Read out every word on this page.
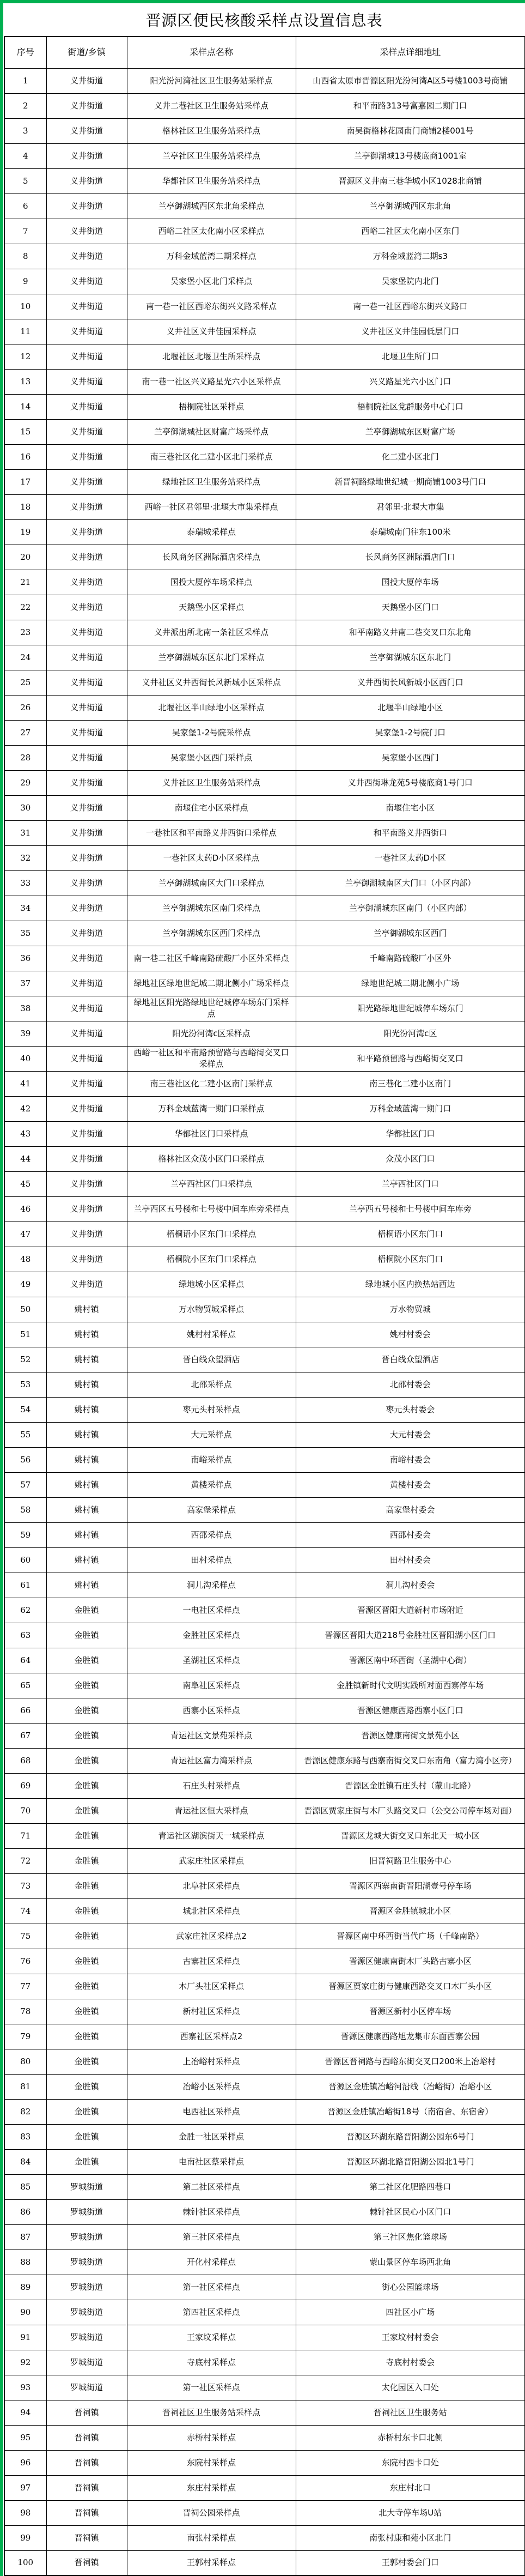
晋源区便民核酸采样点设置信息表
序号	街道/乡镇	采样点名称	采样点详细地址
1	义井街道	阳光汾河湾社区卫生服务站采样点	山西省太原市晋源区阳光汾河湾A区5号楼1003号商铺
2	义井街道	义井二巷社区卫生服务站采样点	和平南路313号富嘉园二期门口
3	义井街道	格林社区卫生服务站采样点	南吴街格林花园南门商铺2楼001号
4	义井街道	兰亭社区卫生服务站采样点	兰亭御湖城13号楼底商1001室
5	义井街道	华都社区卫生服务站采样点	晋源区义井南三巷华城小区1028北商铺
6	义井街道	兰亭御湖城西区东北角采样点	兰亭御湖城西区东北角
7	义井街道	西峪二社区太化南小区采样点	西峪二社区太化南小区东门
8	义井街道	万科金域蓝湾二期采样点	万科金域蓝湾二期s3
9	义井街道	吴家堡小区北门采样点	吴家堡院内北门
10	义井街道	南一巷一社区西峪东街兴义路采样点	南一巷一社区西峪东街兴义路口
11	义井街道	义井社区义井佳园采样点	义井社区义井佳园低层门口
12	义井街道	北堰社区北堰卫生所采样点	北堰卫生所门口
13	义井街道	南一巷一社区兴义路星光六小区采样点	兴义路星光六小区门口
14	义井街道	梧桐院社区采样点	梧桐院社区党群服务中心门口
15	义井街道	兰亭御湖城社区财富广场采样点	兰亭御湖城东区财富广场
16	义井街道	南三巷社区化二建小区北门采样点	化二建小区北门
17	义井街道	绿地社区卫生服务站采样点	新晋祠路绿地世纪城一期商铺1003号门口
18	义井街道	西峪一社区君邻里·北堰大市集采样点	君邻里·北堰大市集
19	义井街道	泰瑞城采样点	泰瑞城南门往东100米
20	义井街道	长风商务区洲际酒店采样点	长风商务区洲际酒店门口
21	义井街道	国投大厦停车场采样点	国投大厦停车场
22	义井街道	天鹅堡小区采样点	天鹅堡小区门口
23	义井街道	义井派出所北南一条社区采样点	和平南路义井南二巷交叉口东北角
24	义井街道	兰亭御湖城东区东北门采样点	兰亭御湖城东区东北门
25	义井街道	义井社区义井西街长风新城小区采样点	义井西街长风新城小区西门口
26	义井街道	北堰社区半山绿地小区采样点	北堰半山绿地小区
27	义井街道	吴家堡1-2号院采样点	吴家堡1-2号院门口
28	义井街道	吴家堡小区西门采样点	吴家堡小区西门
29	义井街道	义井社区卫生服务站采样点	义井西街琳龙苑5号楼底商1号门口
30	义井街道	南堰住宅小区采样点	南堰住宅小区
31	义井街道	一巷社区和平南路义井西街口采样点	和平南路义井西街口
32	义井街道	一巷社区太药D小区采样点	一巷社区太药D小区
33	义井街道	兰亭御湖城南区大门口采样点	兰亭御湖城南区大门口（小区内部）
34	义井街道	兰亭御湖城东区南门采样点	兰亭御湖城东区南门（小区内部）
35	义井街道	兰亭御湖城东区西门采样点	兰亭御湖城东区西门
36	义井街道	南一巷二社区千峰南路硫酸厂小区外采样点	千峰南路硫酸厂小区外
37	义井街道	绿地社区绿地世纪城二期北侧小广场采样点	绿地世纪城二期北侧小广场
38	义井街道	绿地社区阳光路绿地世纪城停车场东门采样点	阳光路绿地世纪城停车场东门
39	义井街道	阳光汾河湾c区采样点	阳光汾河湾c区
40	义井街道	西峪一社区和平南路预留路与西峪街交叉口采样点	和平路预留路与西峪街交叉口
41	义井街道	南三巷社区化二建小区南门采样点	南三巷化二建小区南门
42	义井街道	万科金域蓝湾一期门口采样点	万科金域蓝湾一期门口
43	义井街道	华都社区门口采样点	华都社区门口
44	义井街道	格林社区众茂小区门口采样点	众茂小区门口
45	义井街道	兰亭西社区门口采样点	兰亭西社区门口
46	义井街道	兰亭西区五号楼和七号楼中间车库旁采样点	兰亭西五号楼和七号楼中间车库旁
47	义井街道	梧桐语小区东门口采样点	梧桐语小区东门口
48	义井街道	梧桐院小区东门口采样点	梧桐院小区东门口
49	义井街道	绿地城小区采样点	绿地城小区内换热站西边
50	姚村镇	万水物贸城采样点	万水物贸城
51	姚村镇	姚村村采样点	姚村村委会
52	姚村镇	晋白线众望酒店	晋白线众望酒店
53	姚村镇	北邵采样点	北邵村委会
54	姚村镇	枣元头村采样点	枣元头村委会
55	姚村镇	大元采样点	大元村委会
56	姚村镇	南峪采样点	南峪村委会
57	姚村镇	黄楼采样点	黄楼村委会
58	姚村镇	高家堡采样点	高家堡村委会
59	姚村镇	西邵采样点	西邵村委会
60	姚村镇	田村采样点	田村村委会
61	姚村镇	洞儿沟采样点	洞儿沟村委会
62	金胜镇	一电社区采样点	晋源区晋阳大道新村市场附近
63	金胜镇	金胜社区采样点	晋源区晋阳大道218号金胜社区晋阳湖小区门口
64	金胜镇	圣湖社区采样点	晋源区南中环西街（圣湖中心街）
65	金胜镇	南阜社区采样点	金胜镇新时代文明实践所对面西寨停车场
66	金胜镇	西寨小区采样点	晋源区健康西路西寨小区门口
67	金胜镇	青运社区文景苑采样点	晋源区健康南街文景苑小区
68	金胜镇	青运社区富力湾采样点	晋源区健康东路与西寨南街交叉口东南角（富力湾小区旁）
69	金胜镇	石庄头村采样点	晋源区金胜镇石庄头村（蒙山北路）
70	金胜镇	青运社区恒大采样点	晋源区贾家庄街与木厂头路交叉口（公交公司停车场对面）
71	金胜镇	青运社区湖滨街天一城采样点	晋源区龙城大街交叉口东北天一城小区
72	金胜镇	武家庄社区采样点	旧晋祠路卫生服务中心
73	金胜镇	北阜社区采样点	晋源区西寨南街晋阳湖壹号停车场
74	金胜镇	城北社区采样点	晋源区金胜镇城北小区
75	金胜镇	武家庄社区采样点2	晋源区南中环西街当代广场（千峰南路）
76	金胜镇	古寨社区采样点	晋源区健康南街木厂头路古寨小区
77	金胜镇	木厂头社区采样点	晋源区贾家庄街与健康西路交叉口木厂头小区
78	金胜镇	新村社区采样点	晋源区新村小区停车场
79	金胜镇	西寨社区采样点2	晋源区健康西路旭龙集市东面西寨公园
80	金胜镇	上冶峪村采样点	晋源区晋祠路与西峪东街交叉口200米上冶峪村
81	金胜镇	冶峪小区采样点	晋源区金胜镇冶峪河沿线（冶峪街）冶峪小区
82	金胜镇	电西社区采样点	晋源区金胜镇冶峪街18号（南宿舍、东宿舍）
83	金胜镇	金胜一社区采样点	晋源区环湖东路晋阳湖公园东6号门
84	金胜镇	电南社区蔡采样点	晋源区环湖北路晋阳湖公园北1号门
85	罗城街道	第二社区采样点	第二社区化肥路四巷口
86	罗城街道	棘针社区采样点	棘针社区民心小区门口
87	罗城街道	第三社区采样点	第三社区焦化篮球场
88	罗城街道	开化村采样点	蒙山景区停车场西北角
89	罗城街道	第一社区采样点	街心公园篮球场
90	罗城街道	第四社区采样点	四社区小广场
91	罗城街道	王家坟采样点	王家坟村村委会
92	罗城街道	寺底村采样点	寺底村村委会
93	罗城街道	第一社区采样点	太化园区入口处
94	晋祠镇	晋祠社区卫生服务站采样点	晋祠社区卫生服务站
95	晋祠镇	赤桥村采样点	赤桥村东卡口北侧
96	晋祠镇	东院村采样点	东院村西卡口处
97	晋祠镇	东庄村采样点	东庄村北口
98	晋祠镇	晋祠公园采样点	北大寺停车场U站
99	晋祠镇	南张村采样点	南张村康和苑小区北门
100	晋祠镇	王郭村采样点	王郭村委会门口
